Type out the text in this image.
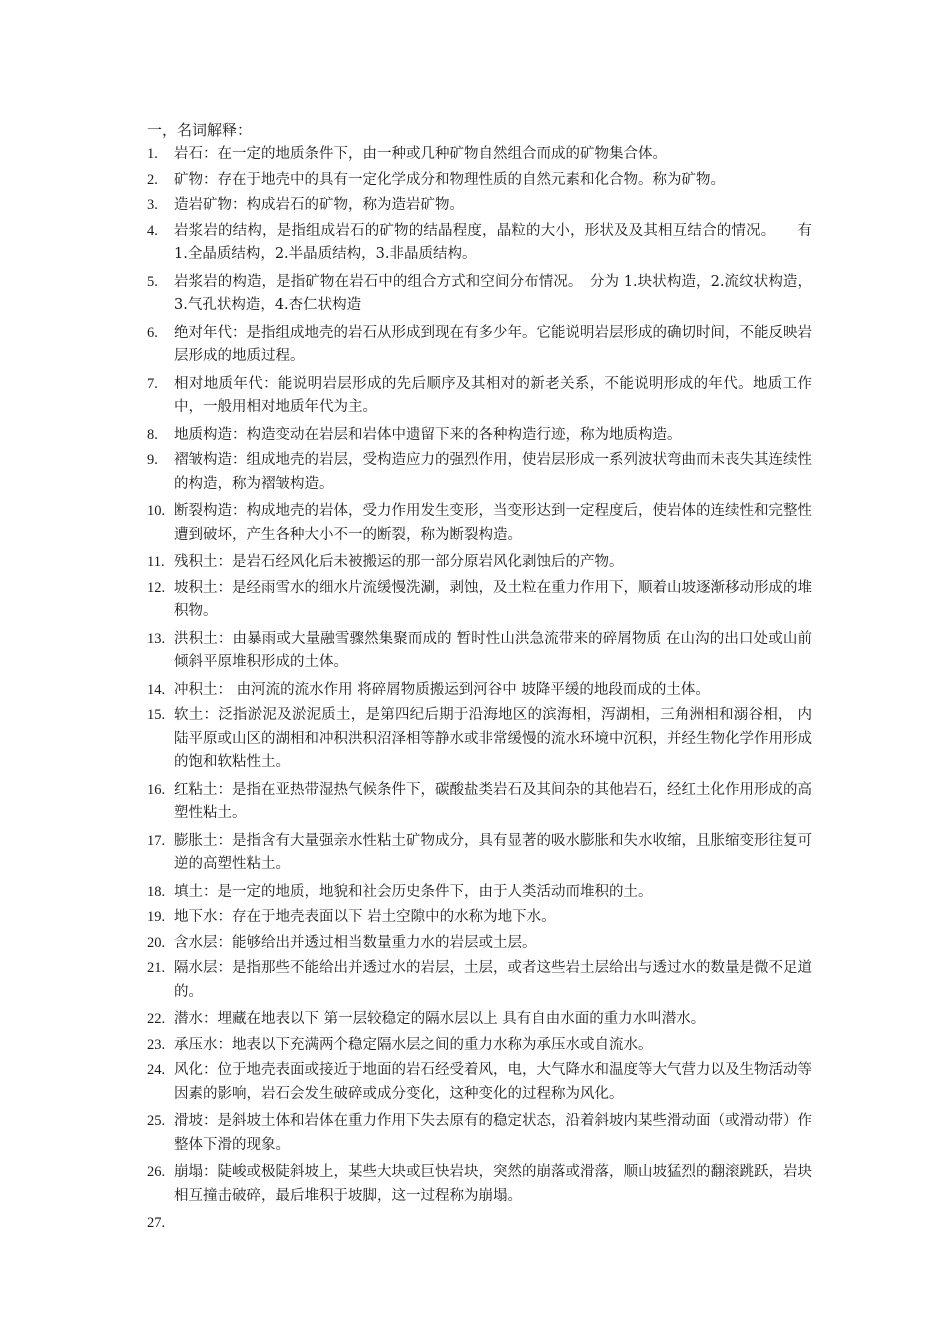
一，名词解释：
1.	岩石：在一定的地质条件下，由一种或几种矿物自然组合而成的矿物集合体。
2.	矿物：存在于地壳中的具有一定化学成分和物理性质的自然元素和化合物。称为矿物。
3.	造岩矿物：构成岩石的矿物，称为造岩矿物。
4.	岩浆岩的结构，是指组成岩石的矿物的结晶程度，晶粒的大小，形状及及其相互结合的情况。　　有 1.全晶质结构，2.半晶质结构，3.非晶质结构。
5.	岩浆岩的构造，是指矿物在岩石中的组合方式和空间分布情况。　分为 1.块状构造，2.流纹状构造，3.气孔状构造，4.杏仁状构造
6.	绝对年代：是指组成地壳的岩石从形成到现在有多少年。它能说明岩层形成的确切时间，不能反映岩层形成的地质过程。
7.	相对地质年代：能说明岩层形成的先后顺序及其相对的新老关系，不能说明形成的年代。地质工作中，一般用相对地质年代为主。
8.	地质构造：构造变动在岩层和岩体中遗留下来的各种构造行迹，称为地质构造。
9.	褶皱构造：组成地壳的岩层，受构造应力的强烈作用，使岩层形成一系列波状弯曲而未丧失其连续性的构造，称为褶皱构造。
10. 断裂构造：构成地壳的岩体，受力作用发生变形，当变形达到一定程度后，使岩体的连续性和完整性遭到破坏，产生各种大小不一的断裂，称为断裂构造。
11. 残积土：是岩石经风化后未被搬运的那一部分原岩风化剥蚀后的产物。
12. 坡积土：是经雨雪水的细水片流缓慢洗涮，剥蚀，及土粒在重力作用下，顺着山坡逐渐移动形成的堆积物。
13. 洪积土：由暴雨或大量融雪骤然集聚而成的 暂时性山洪急流带来的碎屑物质 在山沟的出口处或山前倾斜平原堆积形成的土体。
14. 冲积土： 由河流的流水作用 将碎屑物质搬运到河谷中 坡降平缓的地段而成的土体。
15. 软土：泛指淤泥及淤泥质土，是第四纪后期于沿海地区的滨海相，泻湖相，三角洲相和溺谷相， 内陆平原或山区的湖相和冲积洪积沼泽相等静水或非常缓慢的流水环境中沉积，并经生物化学作用形成的饱和软粘性土。
16. 红粘土：是指在亚热带湿热气候条件下，碳酸盐类岩石及其间杂的其他岩石，经红土化作用形成的高塑性粘土。
17. 膨胀土：是指含有大量强亲水性粘土矿物成分，具有显著的吸水膨胀和失水收缩，且胀缩变形往复可逆的高塑性粘土。
18. 填土：是一定的地质，地貌和社会历史条件下，由于人类活动而堆积的土。
19. 地下水：存在于地壳表面以下 岩土空隙中的水称为地下水。
20. 含水层：能够给出并透过相当数量重力水的岩层或土层。
21. 隔水层：是指那些不能给出并透过水的岩层，土层，或者这些岩土层给出与透过水的数量是微不足道的。
22. 潜水：埋藏在地表以下 第一层较稳定的隔水层以上 具有自由水面的重力水叫潜水。
23. 承压水：地表以下充满两个稳定隔水层之间的重力水称为承压水或自流水。
24. 风化：位于地壳表面或接近于地面的岩石经受着风，电，大气降水和温度等大气营力以及生物活动等因素的影响，岩石会发生破碎或成分变化，这种变化的过程称为风化。
25. 滑坡：是斜坡土体和岩体在重力作用下失去原有的稳定状态，沿着斜坡内某些滑动面（或滑动带）作整体下滑的现象。
26. 崩塌：陡峻或极陡斜坡上，某些大块或巨快岩块，突然的崩落或滑落，顺山坡猛烈的翻滚跳跃，岩块相互撞击破碎，最后堆积于坡脚，这一过程称为崩塌。
27.
